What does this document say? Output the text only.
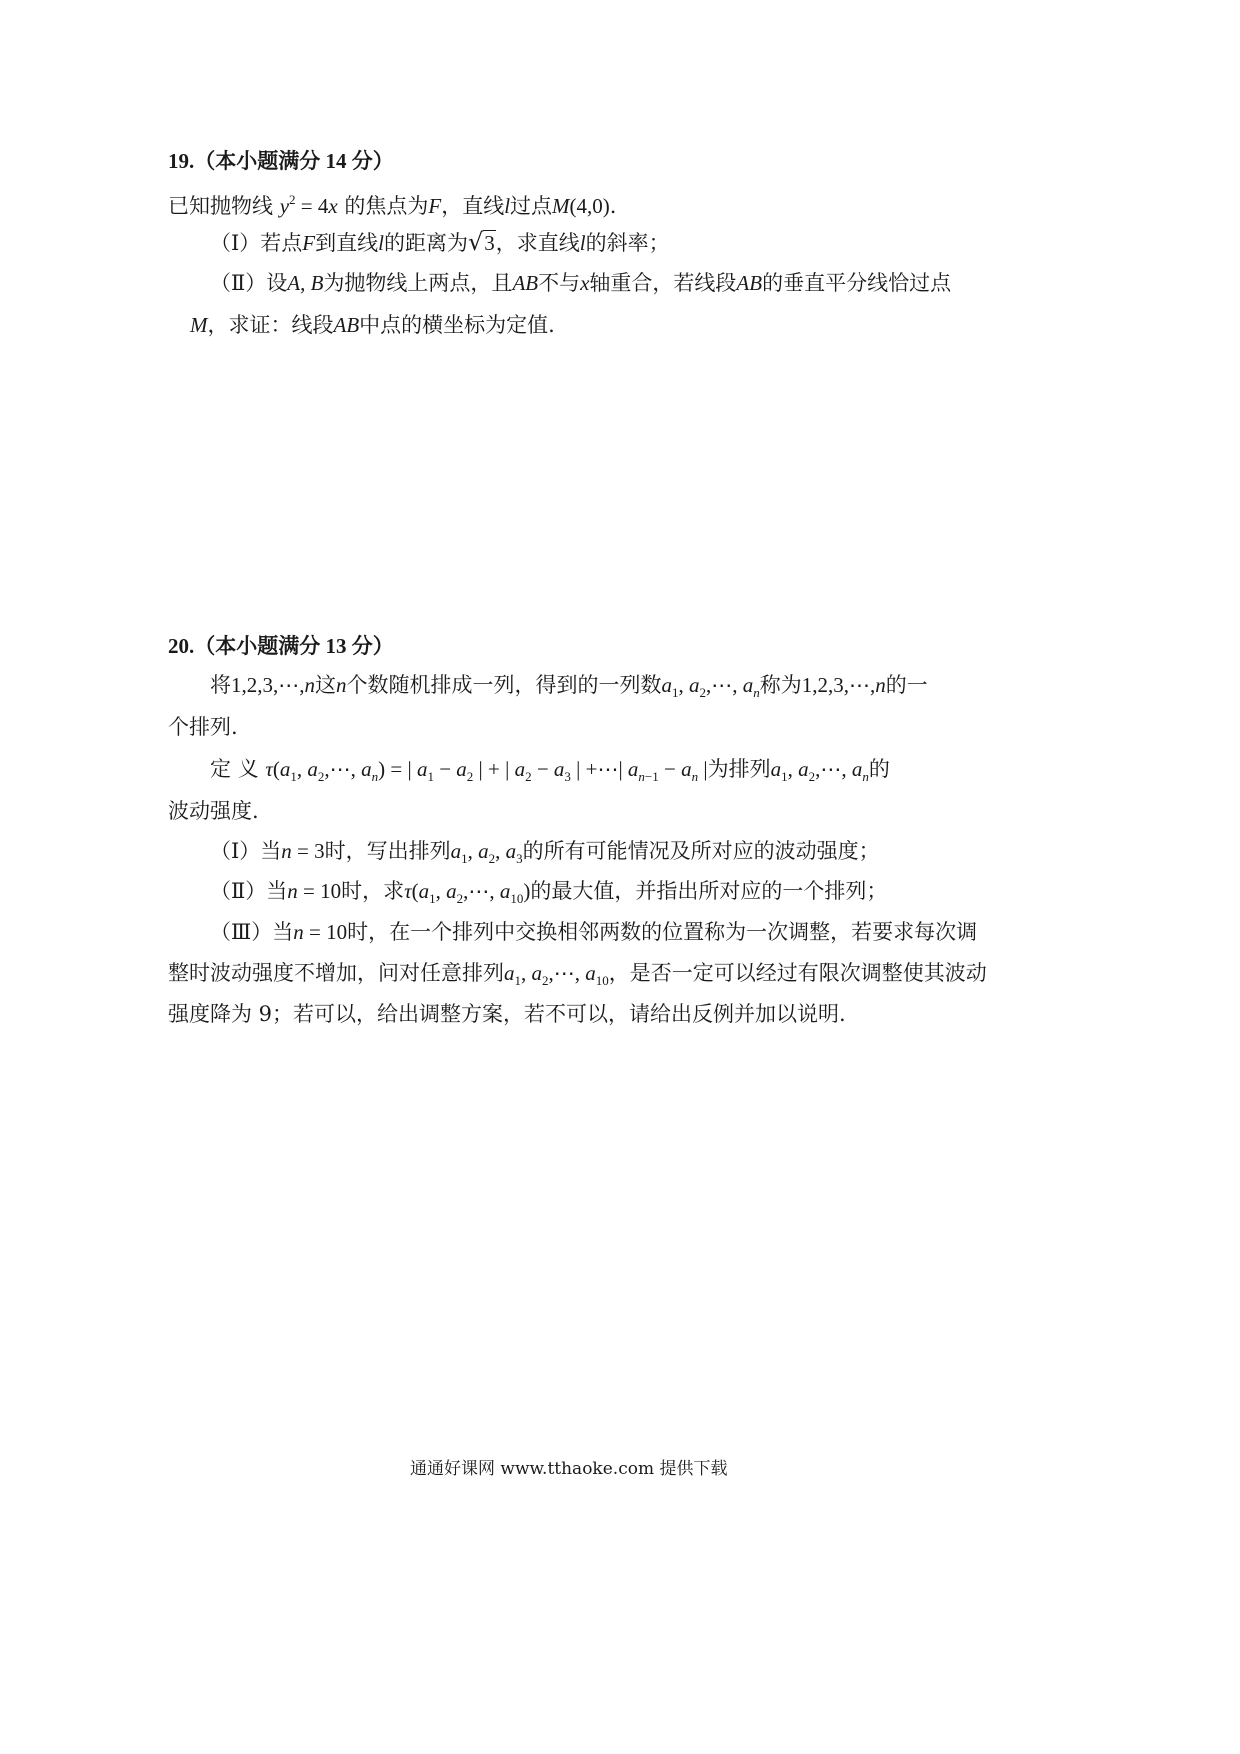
19.（本小题满分 14 分）
已知抛物线 $y^2 = 4x$ 的焦点为F，直线l过点M(4,0).
（Ⅰ）若点F到直线l的距离为√3，求直线l的斜率；
（Ⅱ）设A, B为抛物线上两点，且AB不与x轴重合，若线段AB的垂直平分线恰过点
M，求证：线段AB中点的横坐标为定值.
20.（本小题满分 13 分）
将1,2,3,⋯,n这n个数随机排成一列，得到的一列数$a_1$, $a_2,\cdots$, $a_n$称为1,2,3,⋯,n的一
个排列.
定 义 $\tau(a_1$, $a_2,\cdots$, $a_n$) = | $a_1 - a_2$ | + | $a_2 - a_3$ | +⋯| $a_{n-1} - a_n$ |为排列$a_1$, $a_2,\cdots$, $a_n$的
波动强度.
（Ⅰ）当n = 3时，写出排列$a_1$, $a_2$, $a_3$的所有可能情况及所对应的波动强度；
（Ⅱ）当n = 10时，求$\tau(a_1$, $a_2,\cdots$, $a_{10}$)的最大值，并指出所对应的一个排列；
（Ⅲ）当n = 10时，在一个排列中交换相邻两数的位置称为一次调整，若要求每次调
整时波动强度不增加，问对任意排列$a_1$, $a_2,\cdots$, $a_{10}$，是否一定可以经过有限次调整使其波动
强度降为 9；若可以，给出调整方案，若不可以，请给出反例并加以说明.
通通好课网 www.tthaoke.com 提供下载
